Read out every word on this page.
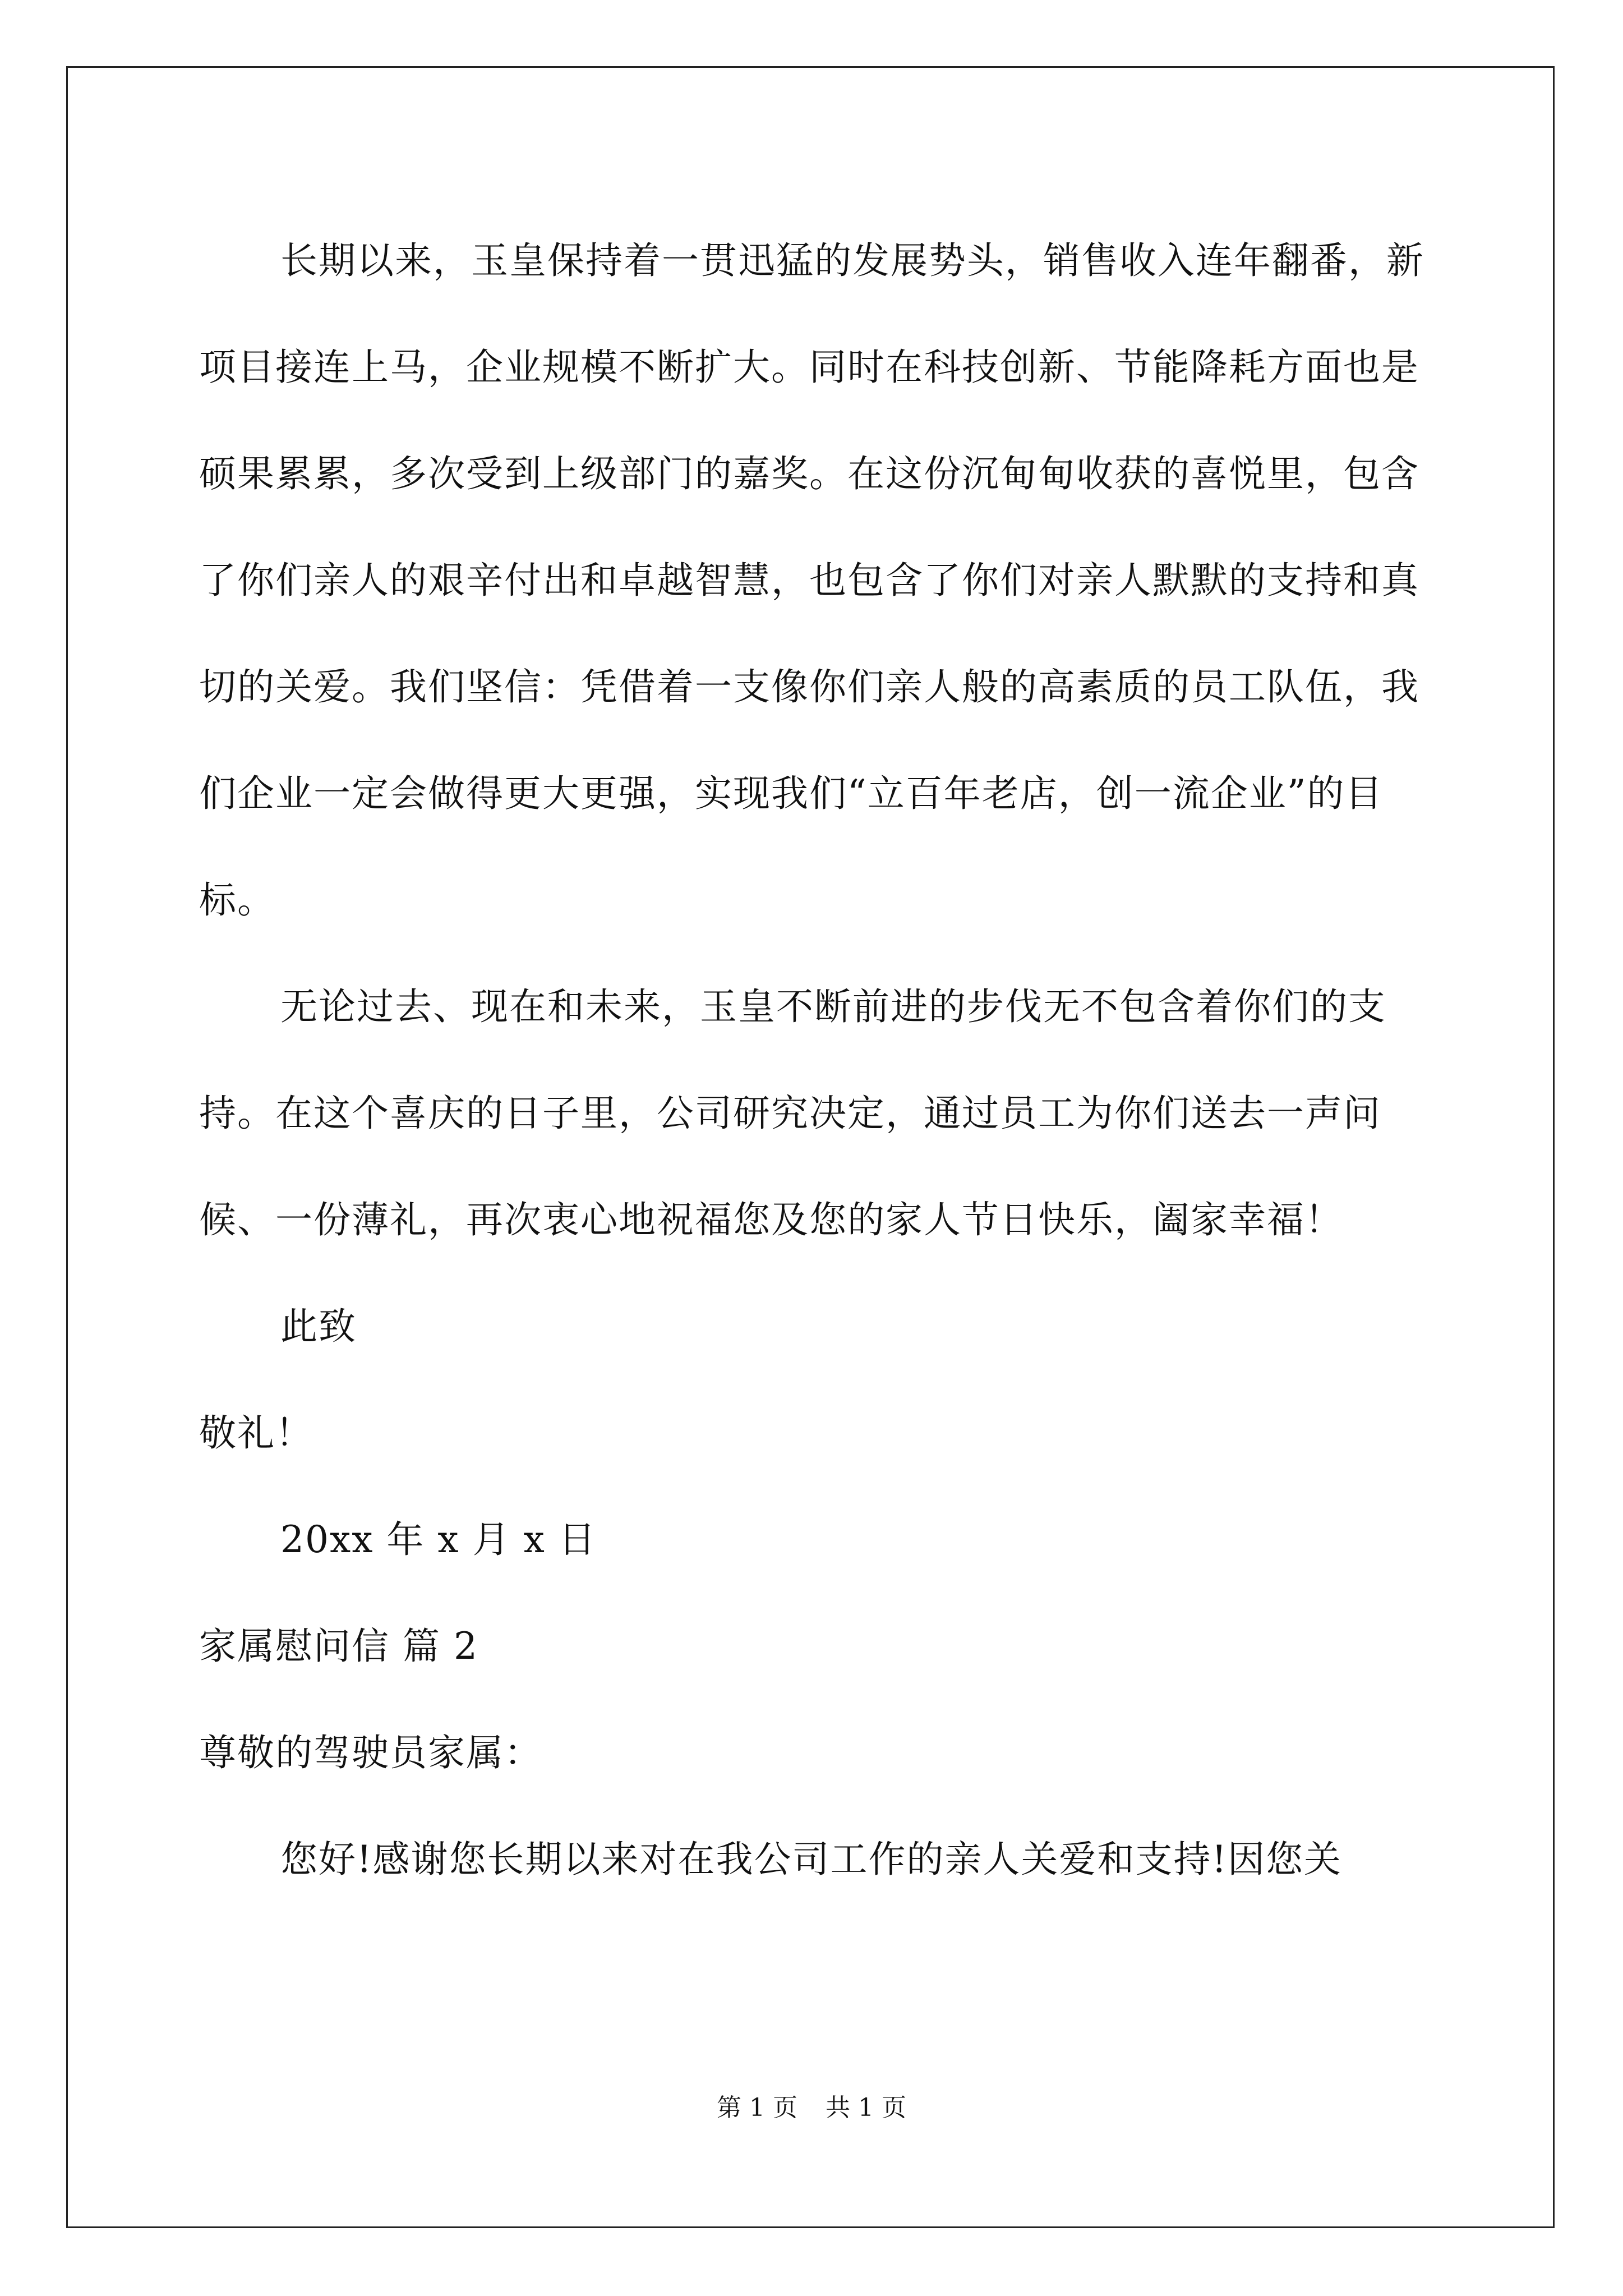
长期以来，玉皇保持着一贯迅猛的发展势头，销售收入连年翻番，新项目接连上马，企业规模不断扩大。同时在科技创新、节能降耗方面也是硕果累累，多次受到上级部门的嘉奖。在这份沉甸甸收获的喜悦里，包含了你们亲人的艰辛付出和卓越智慧，也包含了你们对亲人默默的支持和真切的关爱。我们坚信：凭借着一支像你们亲人般的高素质的员工队伍，我们企业一定会做得更大更强，实现我们“立百年老店，创一流企业”的目标。

无论过去、现在和未来，玉皇不断前进的步伐无不包含着你们的支持。在这个喜庆的日子里，公司研究决定，通过员工为你们送去一声问候、一份薄礼，再次衷心地祝福您及您的家人节日快乐，阖家幸福！

此致

敬礼！

20xx 年 x 月 x 日

家属慰问信 篇 2

尊敬的驾驶员家属：

您好!感谢您长期以来对在我公司工作的亲人关爱和支持!因您关

第 1 页 共 1 页
